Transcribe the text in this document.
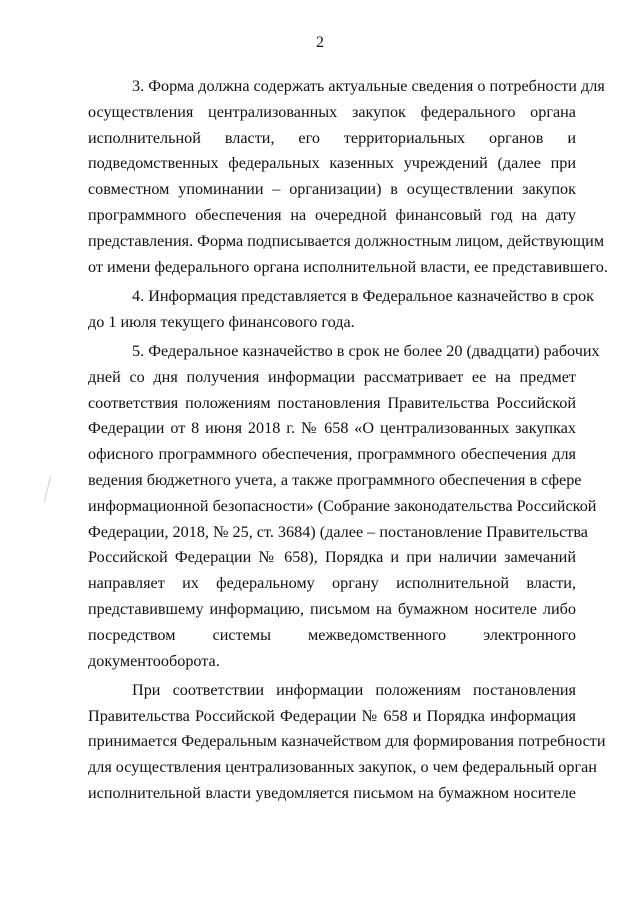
2
3. Форма должна содержать актуальные сведения о потребности для
осуществления централизованных закупок федерального органа
исполнительной власти, его территориальных органов и
подведомственных федеральных казенных учреждений (далее при
совместном упоминании – организации) в осуществлении закупок
программного обеспечения на очередной финансовый год на дату
представления. Форма подписывается должностным лицом, действующим
от имени федерального органа исполнительной власти, ее представившего.
4. Информация представляется в Федеральное казначейство в срок
до 1 июля текущего финансового года.
5. Федеральное казначейство в срок не более 20 (двадцати) рабочих
дней со дня получения информации рассматривает ее на предмет
соответствия положениям постановления Правительства Российской
Федерации от 8 июня 2018 г. № 658 «О централизованных закупках
офисного программного обеспечения, программного обеспечения для
ведения бюджетного учета, а также программного обеспечения в сфере
информационной безопасности» (Собрание законодательства Российской
Федерации, 2018, № 25, ст. 3684) (далее – постановление Правительства
Российской Федерации № 658), Порядка и при наличии замечаний
направляет их федеральному органу исполнительной власти,
представившему информацию, письмом на бумажном носителе либо
посредством системы межведомственного электронного
документооборота.
При соответствии информации положениям постановления
Правительства Российской Федерации № 658 и Порядка информация
принимается Федеральным казначейством для формирования потребности
для осуществления централизованных закупок, о чем федеральный орган
исполнительной власти уведомляется письмом на бумажном носителе
